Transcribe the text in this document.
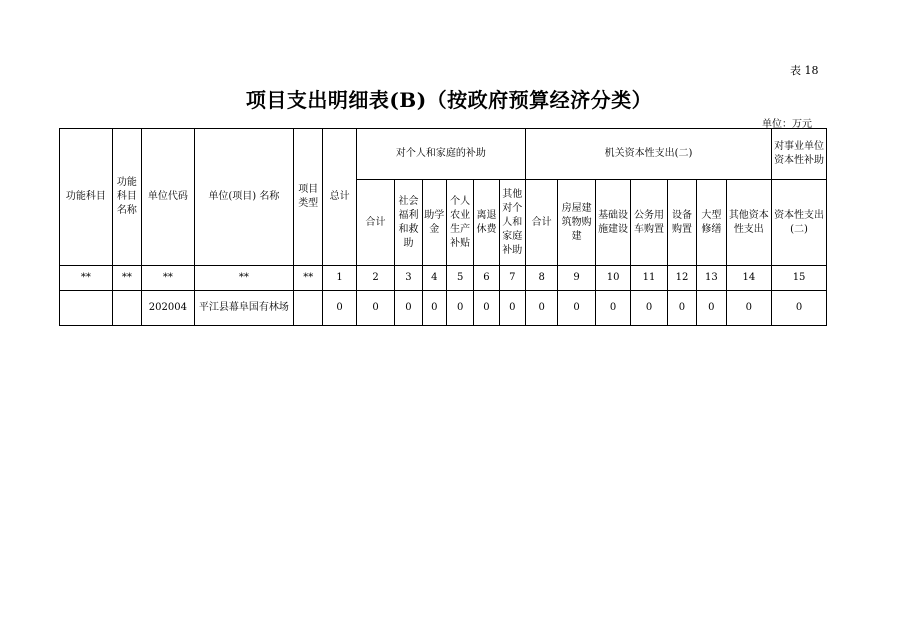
表 18
项目支出明细表(B)（按政府预算经济分类）
单位：万元
功能科目	功能科目名称	单位代码	单位(项目) 名称	项目类型	总计	对个人和家庭的补助						机关资本性支出(二)							对事业单位资本性补助
						合计	社会福利和救助	助学金	个人农业生产补贴	离退休费	其他对个人和家庭补助	合计	房屋建筑物购建	基础设施建设	公务用车购置	设备购置	大型修缮	其他资本性支出	资本性支出(二)
**	**	**	**	**	1	2	3	4	5	6	7	8	9	10	11	12	13	14	15
		202004	平江县幕阜国有林场		0	0	0	0	0	0	0	0	0	0	0	0	0	0	0
